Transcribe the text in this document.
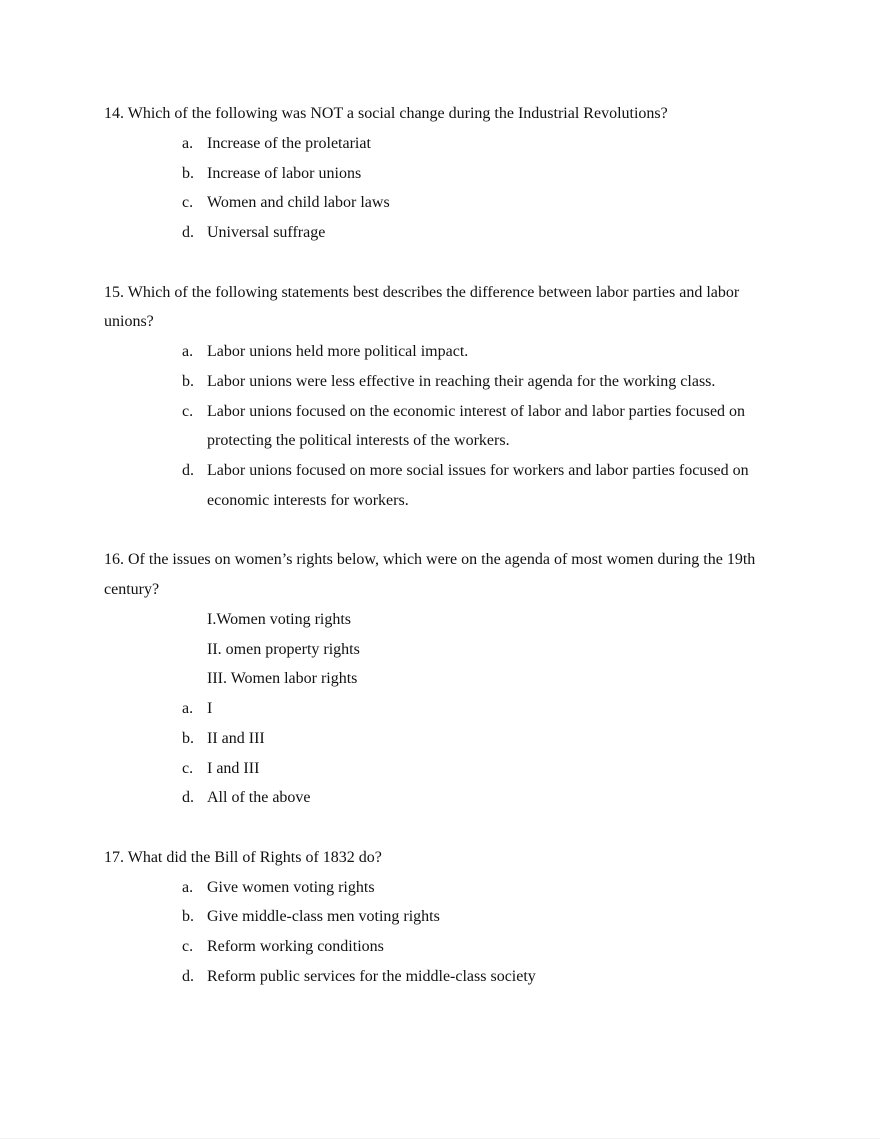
14. Which of the following was NOT a social change during the Industrial Revolutions?
a. Increase of the proletariat
b. Increase of labor unions
c. Women and child labor laws
d. Universal suffrage
15. Which of the following statements best describes the difference between labor parties and labor unions?
a. Labor unions held more political impact.
b. Labor unions were less effective in reaching their agenda for the working class.
c. Labor unions focused on the economic interest of labor and labor parties focused on protecting the political interests of the workers.
d. Labor unions focused on more social issues for workers and labor parties focused on economic interests for workers.
16. Of the issues on women’s rights below, which were on the agenda of most women during the 19th century?
I.Women voting rights
II. omen property rights
III. Women labor rights
a. I
b. II and III
c. I and III
d. All of the above
17. What did the Bill of Rights of 1832 do?
a. Give women voting rights
b. Give middle-class men voting rights
c. Reform working conditions
d. Reform public services for the middle-class society
